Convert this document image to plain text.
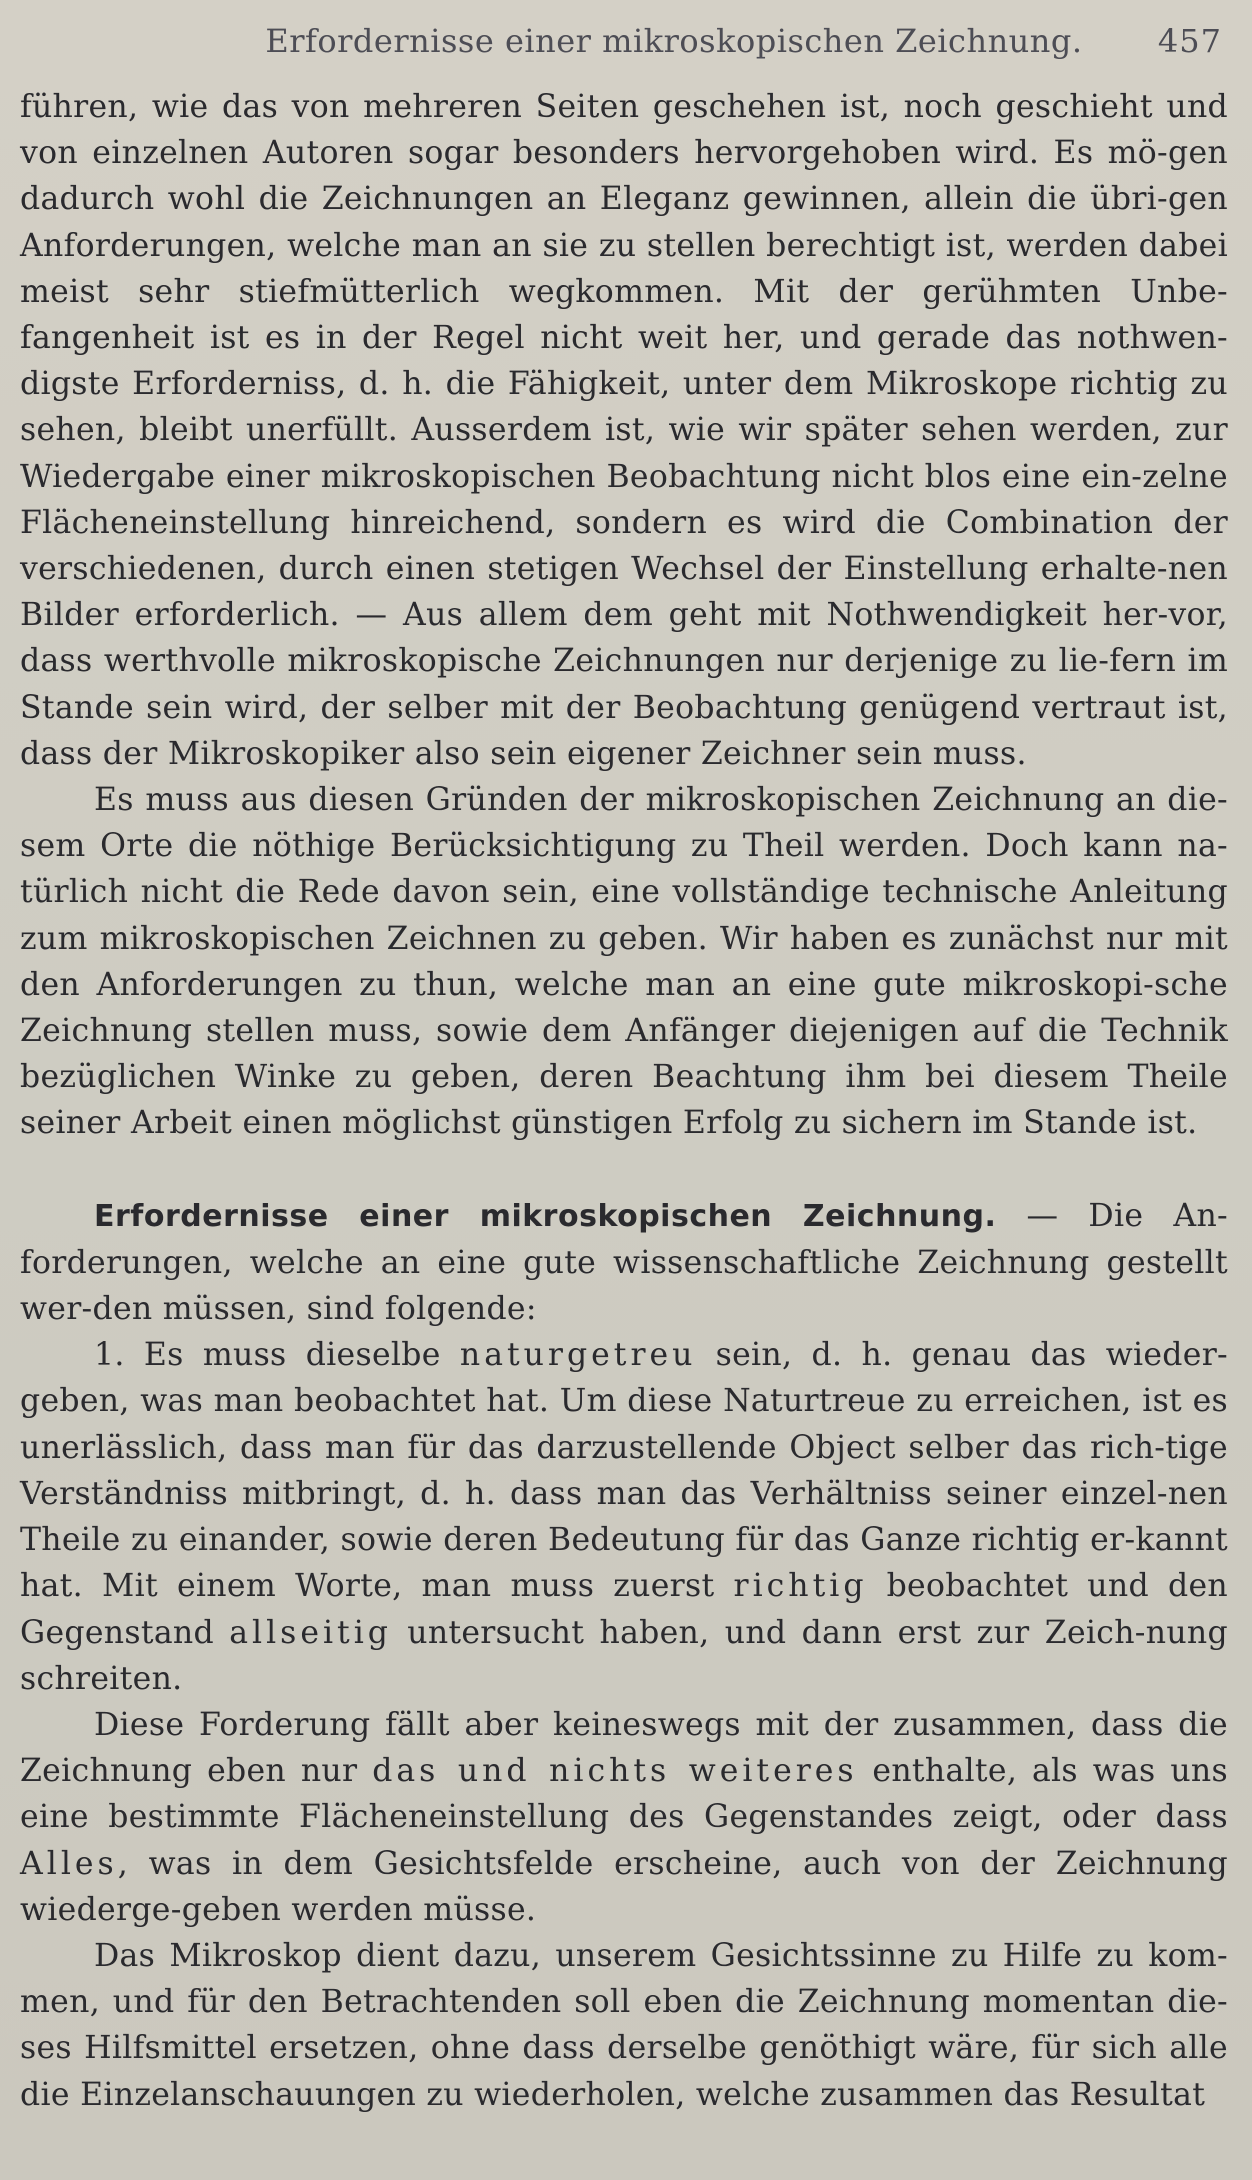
Erfordernisse einer mikroskopischen Zeichnung.	457

führen, wie das von mehreren Seiten geschehen ist, noch geschieht und von einzelnen Autoren sogar besonders hervorgehoben wird. Es mö-gen dadurch wohl die Zeichnungen an Eleganz gewinnen, allein die übri-gen Anforderungen, welche man an sie zu stellen berechtigt ist, werden dabei meist sehr stiefmütterlich wegkommen. Mit der gerühmten Unbe-fangenheit ist es in der Regel nicht weit her, und gerade das nothwen-digste Erforderniss, d. h. die Fähigkeit, unter dem Mikroskope richtig zu sehen, bleibt unerfüllt. Ausserdem ist, wie wir später sehen werden, zur Wiedergabe einer mikroskopischen Beobachtung nicht blos eine ein-zelne Flächeneinstellung hinreichend, sondern es wird die Combination der verschiedenen, durch einen stetigen Wechsel der Einstellung erhalte-nen Bilder erforderlich. — Aus allem dem geht mit Nothwendigkeit her-vor, dass werthvolle mikroskopische Zeichnungen nur derjenige zu lie-fern im Stande sein wird, der selber mit der Beobachtung genügend vertraut ist, dass der Mikroskopiker also sein eigener Zeichner sein muss.

Es muss aus diesen Gründen der mikroskopischen Zeichnung an die-sem Orte die nöthige Berücksichtigung zu Theil werden. Doch kann na-türlich nicht die Rede davon sein, eine vollständige technische Anleitung zum mikroskopischen Zeichnen zu geben. Wir haben es zunächst nur mit den Anforderungen zu thun, welche man an eine gute mikroskopi-sche Zeichnung stellen muss, sowie dem Anfänger diejenigen auf die Technik bezüglichen Winke zu geben, deren Beachtung ihm bei diesem Theile seiner Arbeit einen möglichst günstigen Erfolg zu sichern im Stande ist.

Erfordernisse einer mikroskopischen Zeichnung. — Die An-forderungen, welche an eine gute wissenschaftliche Zeichnung gestellt wer-den müssen, sind folgende:

1. Es muss dieselbe naturgetreu sein, d. h. genau das wieder-geben, was man beobachtet hat. Um diese Naturtreue zu erreichen, ist es unerlässlich, dass man für das darzustellende Object selber das rich-tige Verständniss mitbringt, d. h. dass man das Verhältniss seiner einzel-nen Theile zu einander, sowie deren Bedeutung für das Ganze richtig er-kannt hat. Mit einem Worte, man muss zuerst richtig beobachtet und den Gegenstand allseitig untersucht haben, und dann erst zur Zeich-nung schreiten.

Diese Forderung fällt aber keineswegs mit der zusammen, dass die Zeichnung eben nur das und nichts weiteres enthalte, als was uns eine bestimmte Flächeneinstellung des Gegenstandes zeigt, oder dass Alles, was in dem Gesichtsfelde erscheine, auch von der Zeichnung wiederge-geben werden müsse.

Das Mikroskop dient dazu, unserem Gesichtssinne zu Hilfe zu kom-men, und für den Betrachtenden soll eben die Zeichnung momentan die-ses Hilfsmittel ersetzen, ohne dass derselbe genöthigt wäre, für sich alle die Einzelanschauungen zu wiederholen, welche zusammen das Resultat
